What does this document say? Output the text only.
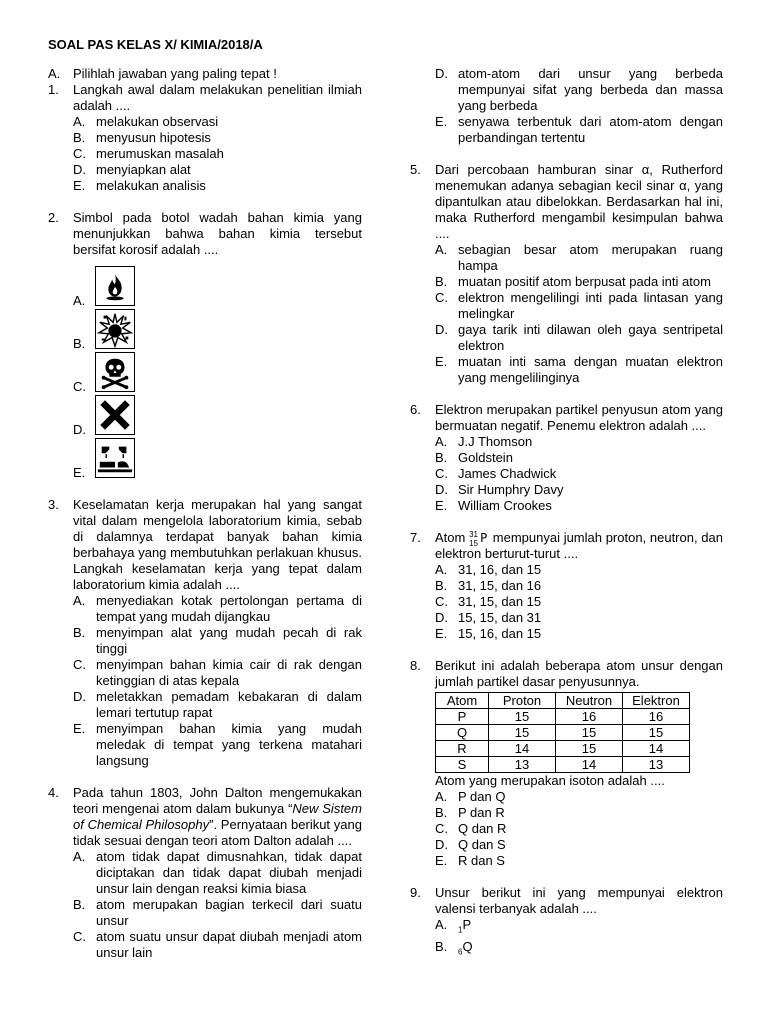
SOAL PAS KELAS X/ KIMIA/2018/A
A. Pilihlah jawaban yang paling tepat !
1. Langkah awal dalam melakukan penelitian ilmiah adalah ....
A. melakukan observasi
B. menyusun hipotesis
C. merumuskan masalah
D. menyiapkan alat
E. melakukan analisis
2. Simbol pada botol wadah bahan kimia yang menunjukkan bahwa bahan kimia tersebut bersifat korosif adalah ....
A.
B.
C.
D.
E.
3. Keselamatan kerja merupakan hal yang sangat vital dalam mengelola laboratorium kimia, sebab di dalamnya terdapat banyak bahan kimia berbahaya yang membutuhkan perlakuan khusus. Langkah keselamatan kerja yang tepat dalam laboratorium kimia adalah ....
A. menyediakan kotak pertolongan pertama di tempat yang mudah dijangkau
B. menyimpan alat yang mudah pecah di rak tinggi
C. menyimpan bahan kimia cair di rak dengan ketinggian di atas kepala
D. meletakkan pemadam kebakaran di dalam lemari tertutup rapat
E. menyimpan bahan kimia yang mudah meledak di tempat yang terkena matahari langsung
4. Pada tahun 1803, John Dalton mengemukakan teori mengenai atom dalam bukunya “New Sistem of Chemical Philosophy”. Pernyataan berikut yang tidak sesuai dengan teori atom Dalton adalah ....
A. atom tidak dapat dimusnahkan, tidak dapat diciptakan dan tidak dapat diubah menjadi unsur lain dengan reaksi kimia biasa
B. atom merupakan bagian terkecil dari suatu unsur
C. atom suatu unsur dapat diubah menjadi atom unsur lain
D. atom-atom dari unsur yang berbeda mempunyai sifat yang berbeda dan massa yang berbeda
E. senyawa terbentuk dari atom-atom dengan perbandingan tertentu
5. Dari percobaan hamburan sinar α, Rutherford menemukan adanya sebagian kecil sinar α, yang dipantulkan atau dibelokkan. Berdasarkan hal ini, maka Rutherford mengambil kesimpulan bahwa ....
A. sebagian besar atom merupakan ruang hampa
B. muatan positif atom berpusat pada inti atom
C. elektron mengelilingi inti pada lintasan yang melingkar
D. gaya tarik inti dilawan oleh gaya sentripetal elektron
E. muatan inti sama dengan muatan elektron yang mengelilinginya
6. Elektron merupakan partikel penyusun atom yang bermuatan negatif. Penemu elektron adalah ....
A. J.J Thomson
B. Goldstein
C. James Chadwick
D. Sir Humphry Davy
E. William Crookes
7. Atom 31
15 P mempunyai jumlah proton, neutron, dan elektron berturut-turut ....
A. 31, 16, dan 15
B. 31, 15, dan 16
C. 31, 15, dan 15
D. 15, 15, dan 31
E. 15, 16, dan 15
8. Berikut ini adalah beberapa atom unsur dengan jumlah partikel dasar penyusunnya.
Atom	Proton	Neutron	Elektron
P	15	16	16
Q	15	15	15
R	14	15	14
S	13	14	13
Atom yang merupakan isoton adalah ....
A. P dan Q
B. P dan R
C. Q dan R
D. Q dan S
E. R dan S
9. Unsur berikut ini yang mempunyai elektron valensi terbanyak adalah ....
A. $_1$P
B. $_6$Q
